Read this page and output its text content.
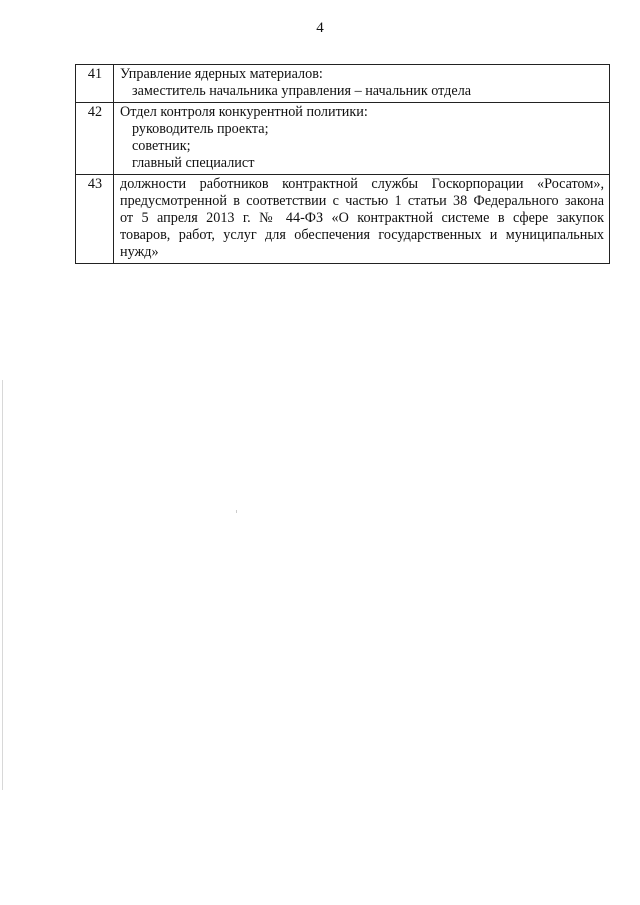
4
41	Управление ядерных материалов:
заместитель начальника управления – начальник отдела

42	Отдел контроля конкурентной политики:
руководитель проекта;
советник;
главный специалист

43	должности работников контрактной службы Госкорпорации «Росатом»,
предусмотренной в соответствии с частью 1 статьи 38 Федерального закона
от 5 апреля 2013 г. № 44-ФЗ «О контрактной системе в сфере закупок
товаров, работ, услуг для обеспечения государственных и муниципальных
нужд»
